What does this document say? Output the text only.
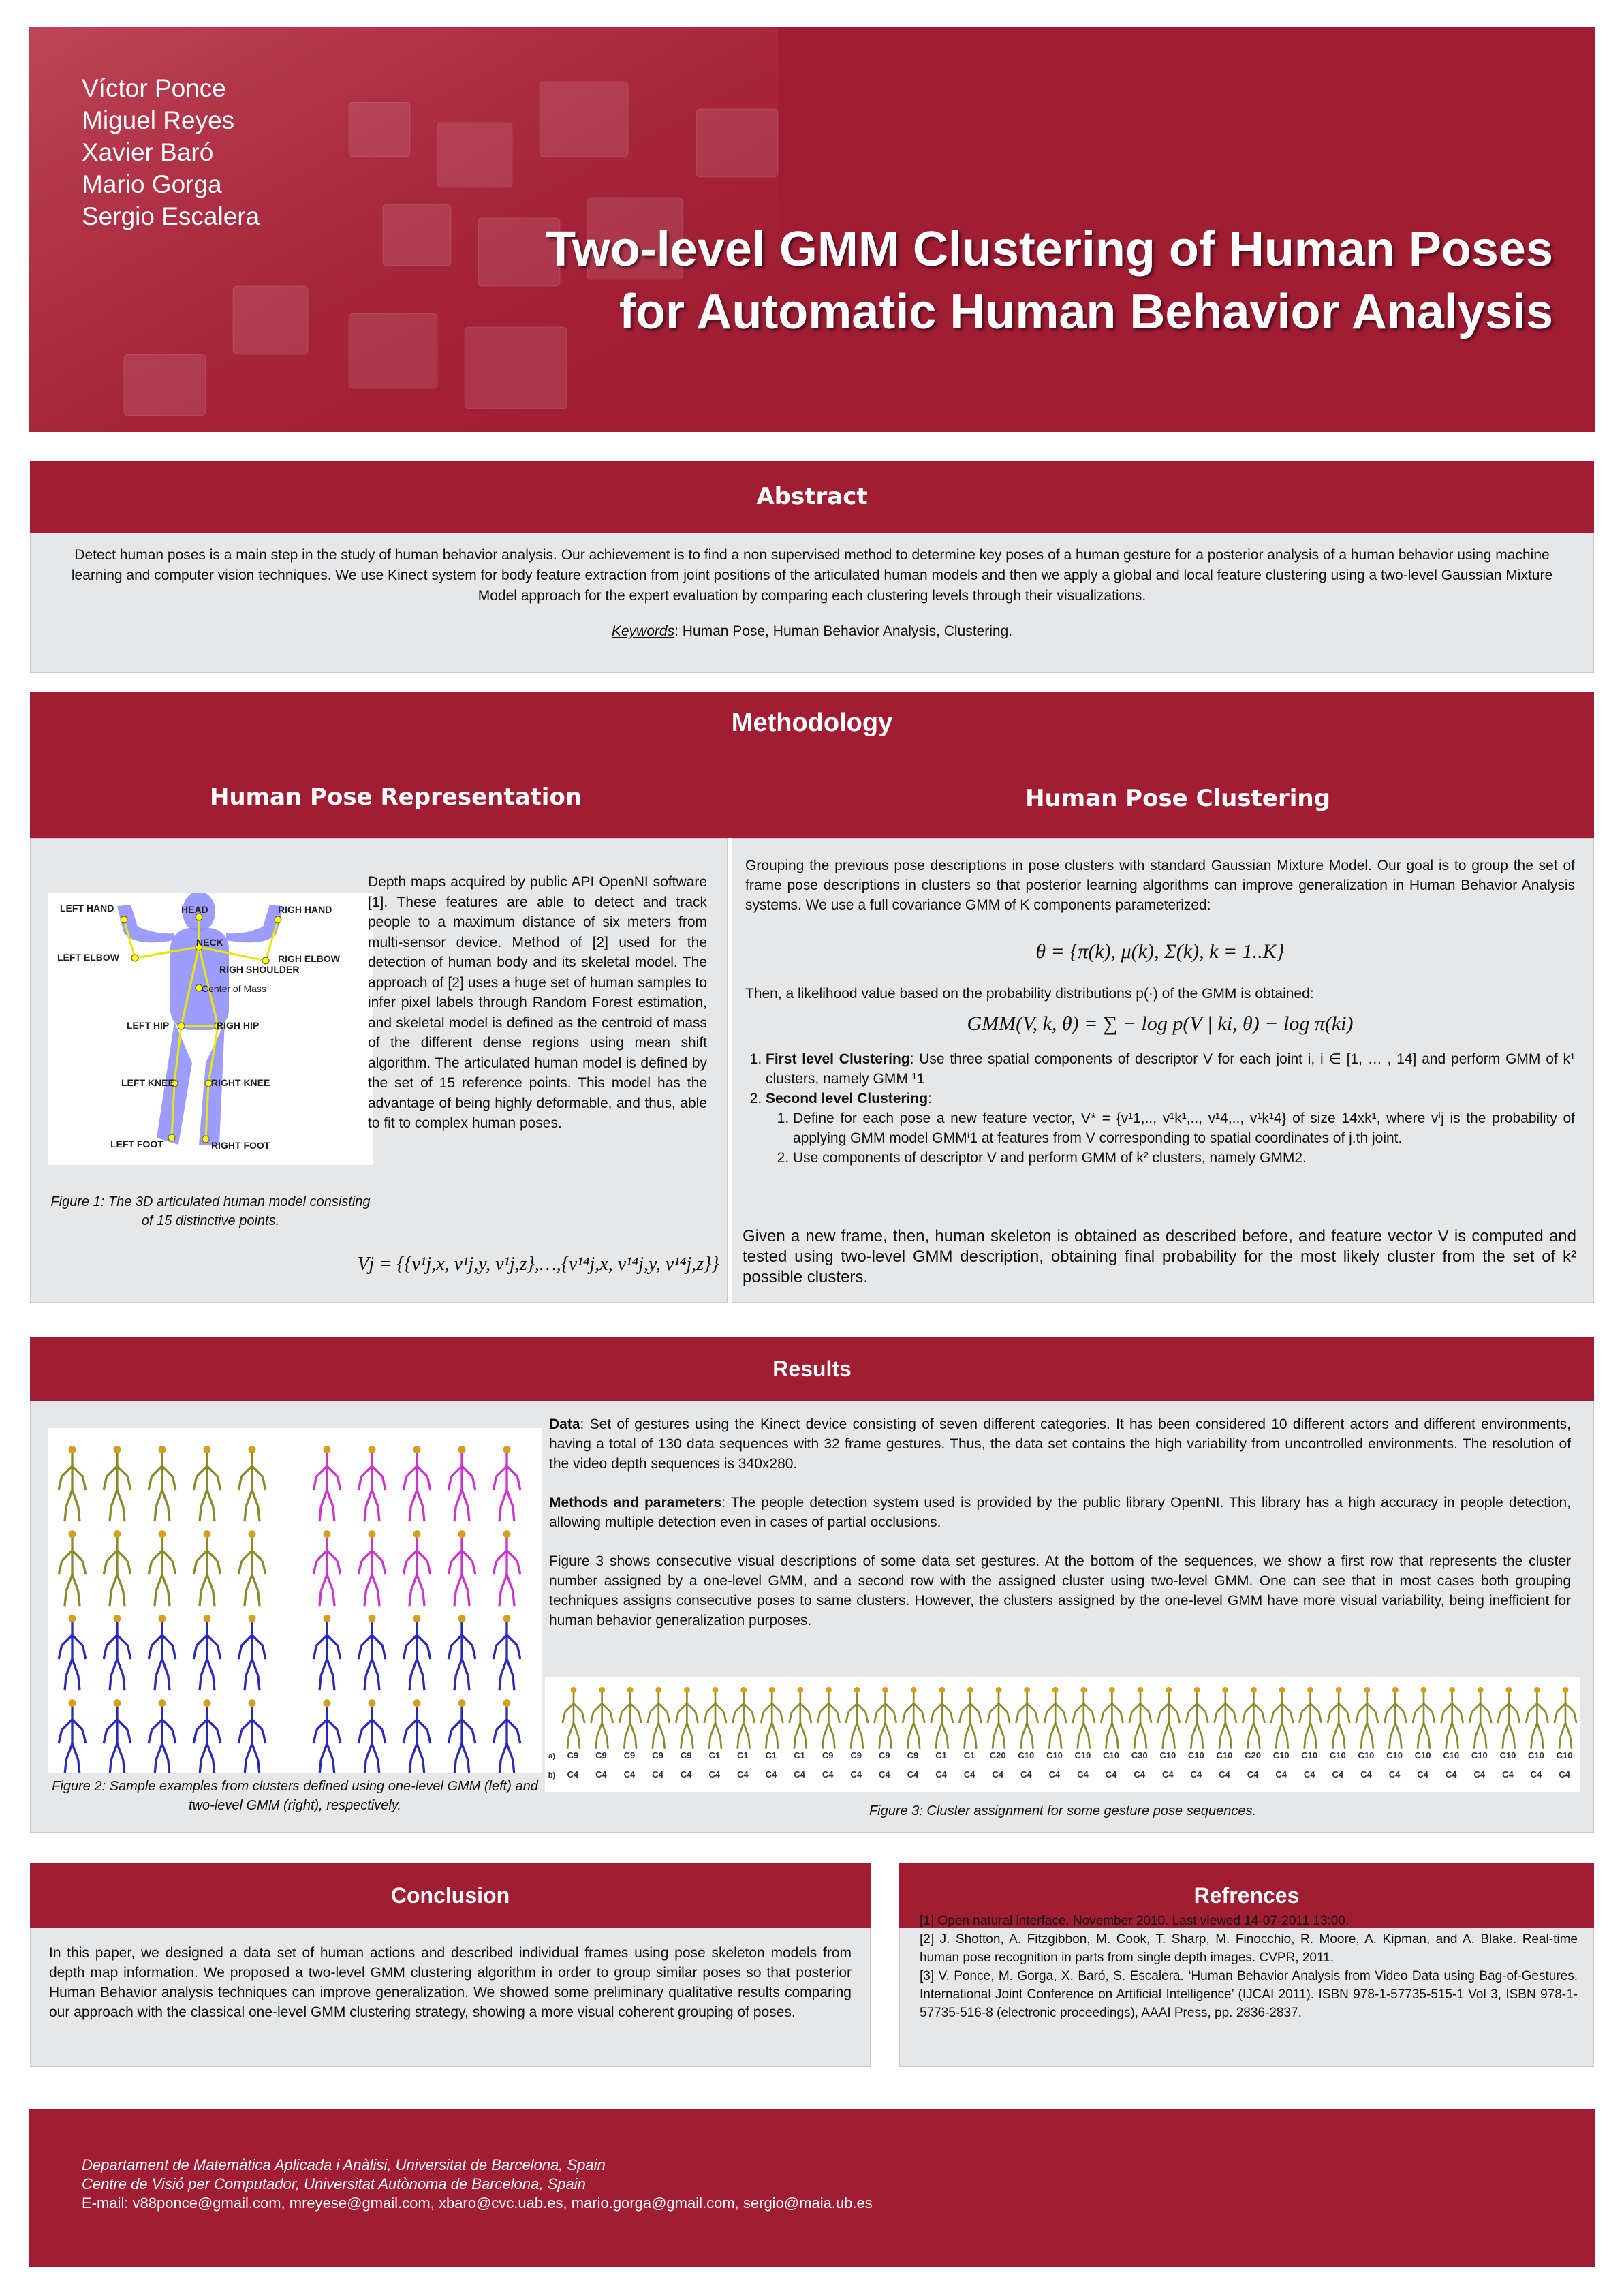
Víctor Ponce
Miguel Reyes
Xavier Baró
Mario Gorga
Sergio Escalera
Two-level GMM Clustering of Human Poses
for Automatic Human Behavior Analysis
Abstract
Detect human poses is a main step in the study of human behavior analysis. Our achievement is to find a non supervised method to determine key poses of a human gesture for a posterior analysis of a human behavior using machine learning and computer vision techniques. We use Kinect system for body feature extraction from joint positions of the articulated human models and then we apply a global and local feature clustering using a two-level Gaussian Mixture Model approach for the expert evaluation by comparing each clustering levels through their visualizations.
Keywords: Human Pose, Human Behavior Analysis, Clustering.
Methodology
Human Pose Representation	Human Pose Clustering
LEFT HAND	HEAD	RIGH HAND
NECK
LEFT ELBOW	RIGH ELBOW
RIGH SHOULDER
Center of Mass
LEFT HIP	RIGH HIP
LEFT KNEE	RIGHT KNEE
LEFT FOOT	RIGHT FOOT
Figure 1: The 3D articulated human model consisting of 15 distinctive points.
Depth maps acquired by public API OpenNI software [1]. These features are able to detect and track people to a maximum distance of six meters from multi-sensor device. Method of [2] used for the detection of human body and its skeletal model. The approach of [2] uses a huge set of human samples to infer pixel labels through Random Forest estimation, and skeletal model is defined as the centroid of mass of the different dense regions using mean shift algorithm. The articulated human model is defined by the set of 15 reference points. This model has the advantage of being highly deformable, and thus, able to fit to complex human poses.
Vj = {{v¹j,x, v¹j,y, v¹j,z},…,{v¹⁴j,x, v¹⁴j,y, v¹⁴j,z}}
Grouping the previous pose descriptions in pose clusters with standard Gaussian Mixture Model. Our goal is to group the set of frame pose descriptions in clusters so that posterior learning algorithms can improve generalization in Human Behavior Analysis systems. We use a full covariance GMM of K components parameterized:
θ = {π(k), μ(k), Σ(k), k = 1..K}
Then, a likelihood value based on the probability distributions p(·) of the GMM is obtained:
GMM(V, k, θ) = ∑ − log p(V | ki, θ) − log π(ki)
1. First level Clustering: Use three spatial components of descriptor V for each joint i, i ∈ [1, … , 14] and perform GMM of k¹ clusters, namely GMM ¹1
2. Second level Clustering:
1. Define for each pose a new feature vector, V* = {v¹1,.., v¹k¹,.., v¹4,.., v¹k¹4} of size 14xk¹, where vⁱj is the probability of applying GMM model GMMⁱ1 at features from V corresponding to spatial coordinates of j.th joint.
2. Use components of descriptor V and perform GMM of k² clusters, namely GMM2.
Given a new frame, then, human skeleton is obtained as described before, and feature vector V is computed and tested using two-level GMM description, obtaining final probability for the most likely cluster from the set of k² possible clusters.
Results
Figure 2: Sample examples from clusters defined using one-level GMM (left) and two-level GMM (right), respectively.
Data: Set of gestures using the Kinect device consisting of seven different categories. It has been considered 10 different actors and different environments, having a total of 130 data sequences with 32 frame gestures. Thus, the data set contains the high variability from uncontrolled environments. The resolution of the video depth sequences is 340x280.
Methods and parameters: The people detection system used is provided by the public library OpenNI. This library has a high accuracy in people detection, allowing multiple detection even in cases of partial occlusions.
Figure 3 shows consecutive visual descriptions of some data set gestures. At the bottom of the sequences, we show a first row that represents the cluster number assigned by a one-level GMM, and a second row with the assigned cluster using two-level GMM. One can see that in most cases both grouping techniques assigns consecutive poses to same clusters. However, the clusters assigned by the one-level GMM have more visual variability, being inefficient for human behavior generalization purposes.
a) C9 C9 C9 C9 C9 C1 C1 C1 C1 C9 C9 C9 C9 C1 C1 C20 C10 C10 C10 C10 C30 C10 C10 C10 C20 C10 C10 C10 C10 C10 C10 C10 C10 C10 C10 C10
b) C4 C4 C4 C4 C4 C4 C4 C4 C4 C4 C4 C4 C4 C4 C4 C4 C4 C4 C4 C4 C4 C4 C4 C4 C4 C4 C4 C4 C4 C4 C4 C4 C4 C4 C4 C4
Figure 3: Cluster assignment for some gesture pose sequences.
Conclusion
In this paper, we designed a data set of human actions and described individual frames using pose skeleton models from depth map information. We proposed a two-level GMM clustering algorithm in order to group similar poses so that posterior Human Behavior analysis techniques can improve generalization. We showed some preliminary qualitative results comparing our approach with the classical one-level GMM clustering strategy, showing a more visual coherent grouping of poses.
Refrences
[1] Open natural interface. November 2010. Last viewed 14-07-2011 13:00.
[2] J. Shotton, A. Fitzgibbon, M. Cook, T. Sharp, M. Finocchio, R. Moore, A. Kipman, and A. Blake. Real-time human pose recognition in parts from single depth images. CVPR, 2011.
[3] V. Ponce, M. Gorga, X. Baró, S. Escalera. ‘Human Behavior Analysis from Video Data using Bag-of-Gestures. International Joint Conference on Artificial Intelligence’ (IJCAI 2011). ISBN 978-1-57735-515-1 Vol 3, ISBN 978-1-57735-516-8 (electronic proceedings), AAAI Press, pp. 2836-2837.
Departament de Matemàtica Aplicada i Anàlisi, Universitat de Barcelona, Spain
Centre de Visió per Computador, Universitat Autònoma de Barcelona, Spain
E-mail: v88ponce@gmail.com, mreyese@gmail.com, xbaro@cvc.uab.es, mario.gorga@gmail.com, sergio@maia.ub.es
